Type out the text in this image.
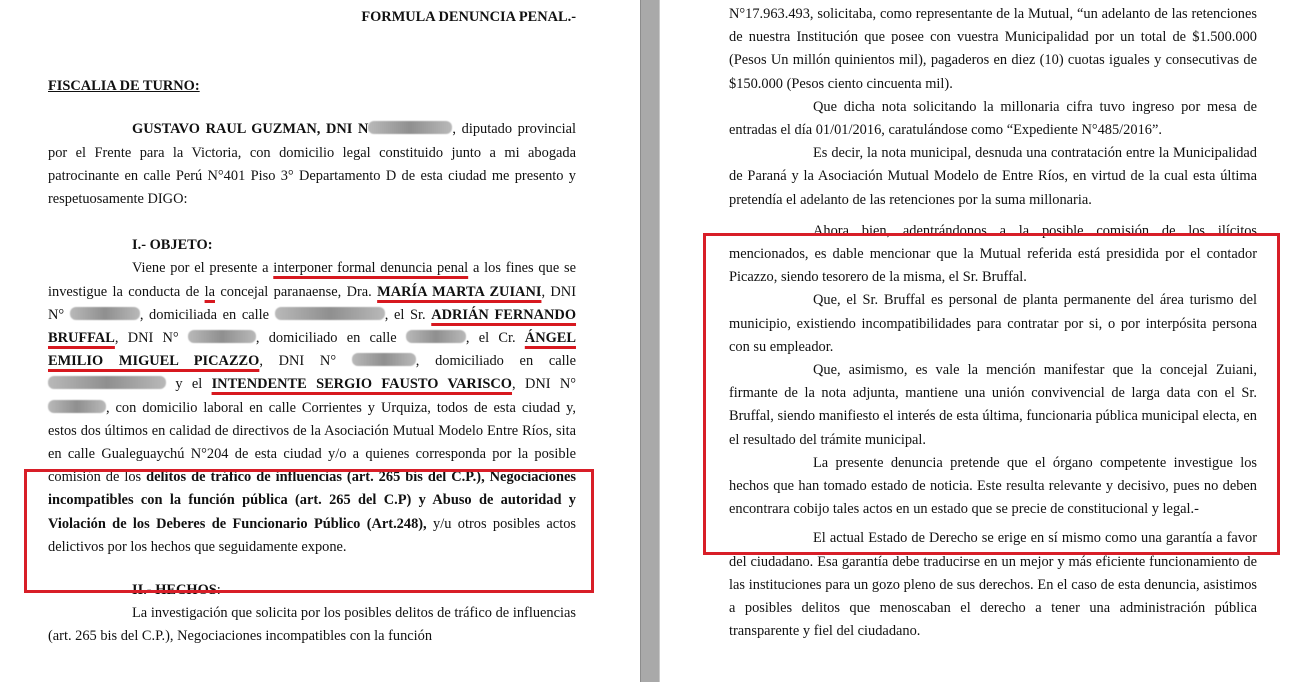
FORMULA DENUNCIA PENAL.-

FISCALIA DE TURNO:

GUSTAVO RAUL GUZMAN, DNI N	, diputado provincial por el Frente para la Victoria, con domicilio legal constituido junto a mi abogada patrocinante en calle Perú N°401 Piso 3° Departamento D de esta ciudad me presento y respetuosamente DIGO:

I.- OBJETO:

Viene por el presente a interponer formal denuncia penal a los fines que se investigue la conducta de la concejal paranaense, Dra. MARÍA MARTA ZUIANI, DNI N°	, domiciliada en calle	, el Sr. ADRIÁN FERNANDO BRUFFAL, DNI N°	, domiciliado en calle	, el Cr. ÁNGEL EMILIO MIGUEL PICAZZO, DNI N°	, domiciliado en calle  y el INTENDENTE SERGIO FAUSTO VARISCO, DNI N° , con domicilio laboral en calle Corrientes y Urquiza, todos de esta ciudad y, estos dos últimos en calidad de directivos de la Asociación Mutual Modelo Entre Ríos, sita en calle Gualeguaychú N°204 de esta ciudad y/o a quienes corresponda por la posible comisión de los delitos de tráfico de influencias (art. 265 bis del C.P.), Negociaciones incompatibles con la función pública (art. 265 del C.P) y Abuso de autoridad y Violación de los Deberes de Funcionario Público (Art.248), y/u otros posibles actos delictivos por los hechos que seguidamente expone.

II.- HECHOS:

La investigación que solicita por los posibles delitos de tráfico de influencias (art. 265 bis del C.P.), Negociaciones incompatibles con la función

N°17.963.493, solicitaba, como representante de la Mutual, “un adelanto de las retenciones de nuestra Institución que posee con vuestra Municipalidad por un total de $1.500.000 (Pesos Un millón quinientos mil), pagaderos en diez (10) cuotas iguales y consecutivas de $150.000 (Pesos ciento cincuenta mil).

Que dicha nota solicitando la millonaria cifra tuvo ingreso por mesa de entradas el día 01/01/2016, caratulándose como “Expediente N°485/2016”.

Es decir, la nota municipal, desnuda una contratación entre la Municipalidad de Paraná y la Asociación Mutual Modelo de Entre Ríos, en virtud de la cual esta última pretendía el adelanto de las retenciones por la suma millonaria.

Ahora bien, adentrándonos a la posible comisión de los ilícitos mencionados, es dable mencionar que la Mutual referida está presidida por el contador Picazzo, siendo tesorero de la misma, el Sr. Bruffal.

Que, el Sr. Bruffal es personal de planta permanente del área turismo del municipio, existiendo incompatibilidades para contratar por si, o por interpósita persona con su empleador.

Que, asimismo, es vale la mención manifestar que la concejal Zuiani, firmante de la nota adjunta, mantiene una unión convivencial de larga data con el Sr. Bruffal, siendo manifiesto el interés de esta última, funcionaria pública municipal electa, en el resultado del trámite municipal.

La presente denuncia pretende que el órgano competente investigue los hechos que han tomado estado de noticia. Este resulta relevante y decisivo, pues no deben encontrara cobijo tales actos en un estado que se precie de constitucional y legal.-

El actual Estado de Derecho se erige en sí mismo como una garantía a favor del ciudadano. Esa garantía debe traducirse en un mejor y más eficiente funcionamiento de las instituciones para un gozo pleno de sus derechos. En el caso de esta denuncia, asistimos a posibles delitos que menoscaban el derecho a tener una administración pública transparente y fiel del ciudadano.
